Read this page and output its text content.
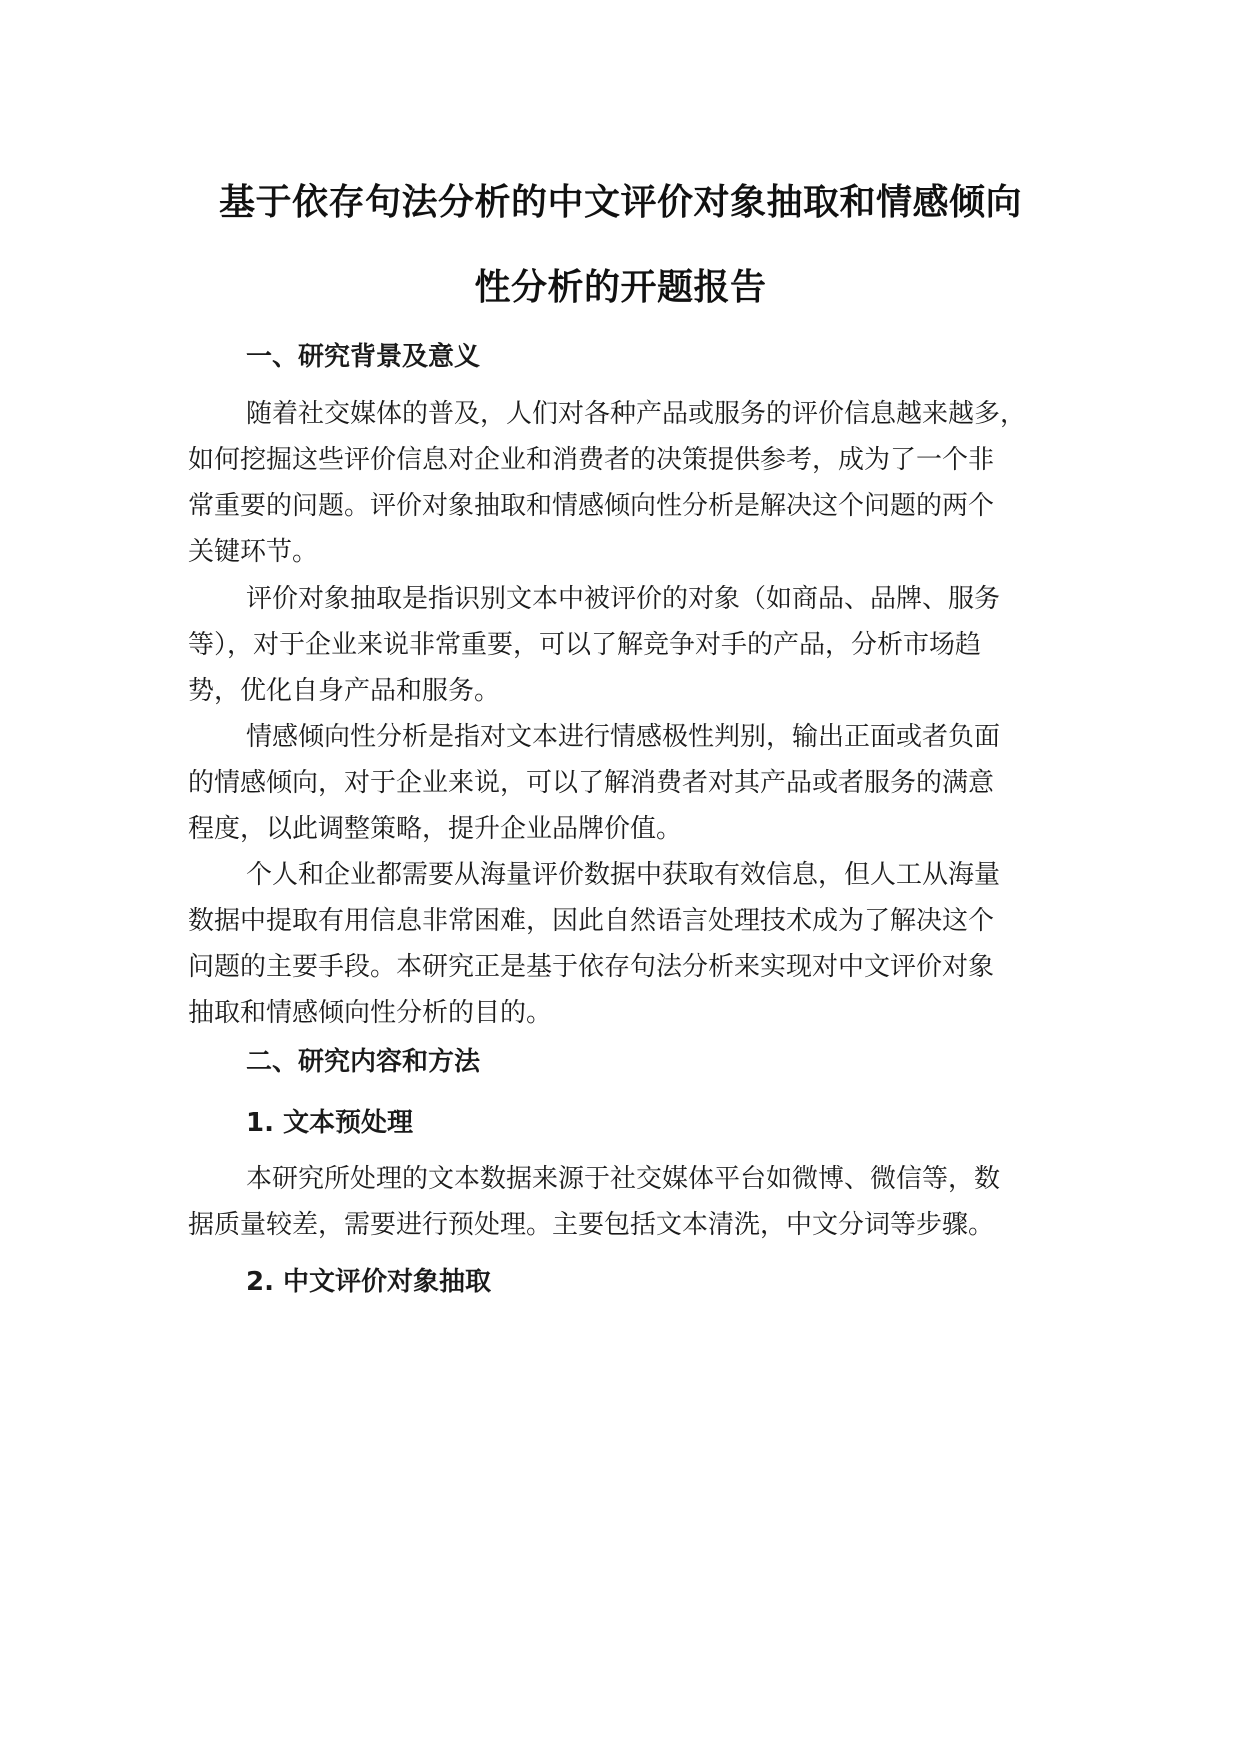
基于依存句法分析的中文评价对象抽取和情感倾向
性分析的开题报告
一、研究背景及意义

随着社交媒体的普及，人们对各种产品或服务的评价信息越来越多，
如何挖掘这些评价信息对企业和消费者的决策提供参考，成为了一个非
常重要的问题。评价对象抽取和情感倾向性分析是解决这个问题的两个
关键环节。

评价对象抽取是指识别文本中被评价的对象（如商品、品牌、服务
等），对于企业来说非常重要，可以了解竞争对手的产品，分析市场趋
势，优化自身产品和服务。

情感倾向性分析是指对文本进行情感极性判别，输出正面或者负面
的情感倾向，对于企业来说，可以了解消费者对其产品或者服务的满意
程度，以此调整策略，提升企业品牌价值。

个人和企业都需要从海量评价数据中获取有效信息，但人工从海量
数据中提取有用信息非常困难，因此自然语言处理技术成为了解决这个
问题的主要手段。本研究正是基于依存句法分析来实现对中文评价对象
抽取和情感倾向性分析的目的。

二、研究内容和方法
1. 文本预处理

本研究所处理的文本数据来源于社交媒体平台如微博、微信等，数
据质量较差，需要进行预处理。主要包括文本清洗，中文分词等步骤。

2. 中文评价对象抽取
